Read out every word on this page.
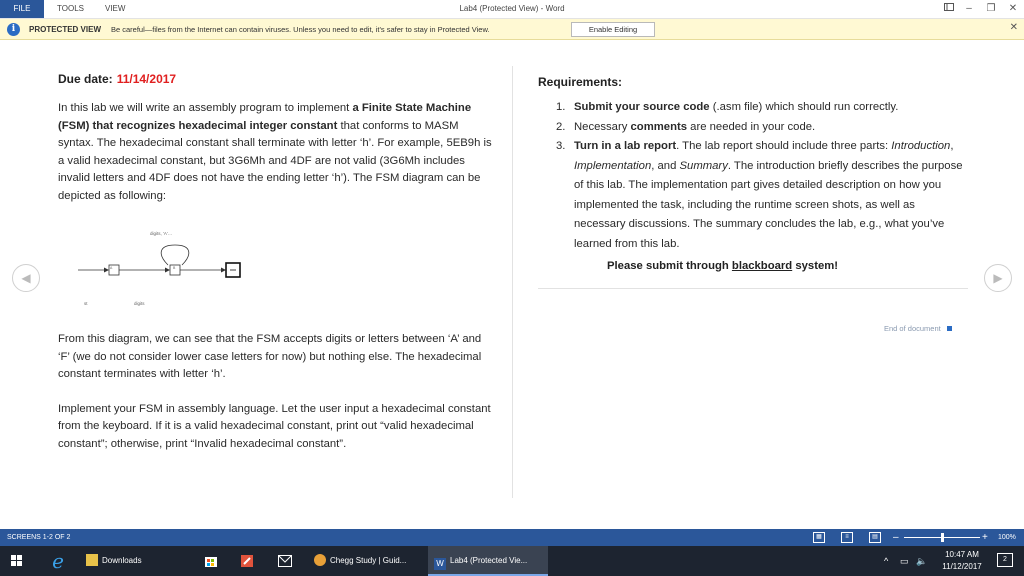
FILE	TOOLS	VIEW	Lab4 (Protected View) - Word	–	❐	✕
i	PROTECTED VIEW Be careful—files from the Internet can contain viruses. Unless you need to edit, it's safer to stay in Protected View.	Enable Editing	✕
Due date: 11/14/2017

In this lab we will write an assembly program to implement a Finite State Machine (FSM) that recognizes hexadecimal integer constant that conforms to MASM syntax. The hexadecimal constant shall terminate with letter ‘h’. For example, 5EB9h is a valid hexadecimal constant, but 3G6Mh and 4DF are not valid (3G6Mh includes invalid letters and 4DF does not have the ending letter ‘h’). The FSM diagram can be depicted as following:

digits, 'A'…
A	B
st	digits

From this diagram, we can see that the FSM accepts digits or letters between ‘A’ and ‘F’ (we do not consider lower case letters for now) but nothing else. The hexadecimal constant terminates with letter ‘h’.

Implement your FSM in assembly language. Let the user input a hexadecimal constant from the keyboard. If it is a valid hexadecimal constant, print out “valid hexadecimal constant”; otherwise, print “Invalid hexadecimal constant”.

Requirements:
1. Submit your source code (.asm file) which should run correctly.
2. Necessary comments are needed in your code.
3. Turn in a lab report. The lab report should include three parts: Introduction, Implementation, and Summary. The introduction briefly describes the purpose of this lab. The implementation part gives detailed description on how you implemented the task, including the runtime screen shots, as well as necessary discussions. The summary concludes the lab, e.g., what you’ve learned from this lab.
Please submit through blackboard system!
End of document
◀	▶
SCREENS 1-2 OF 2	▦	≡	▤	–	+ 100%
e	Downloads	Chegg Study | Guid...	W Lab4 (Protected Vie...	^ ▭ 🔈
10:47 AM
11/12/2017
2
